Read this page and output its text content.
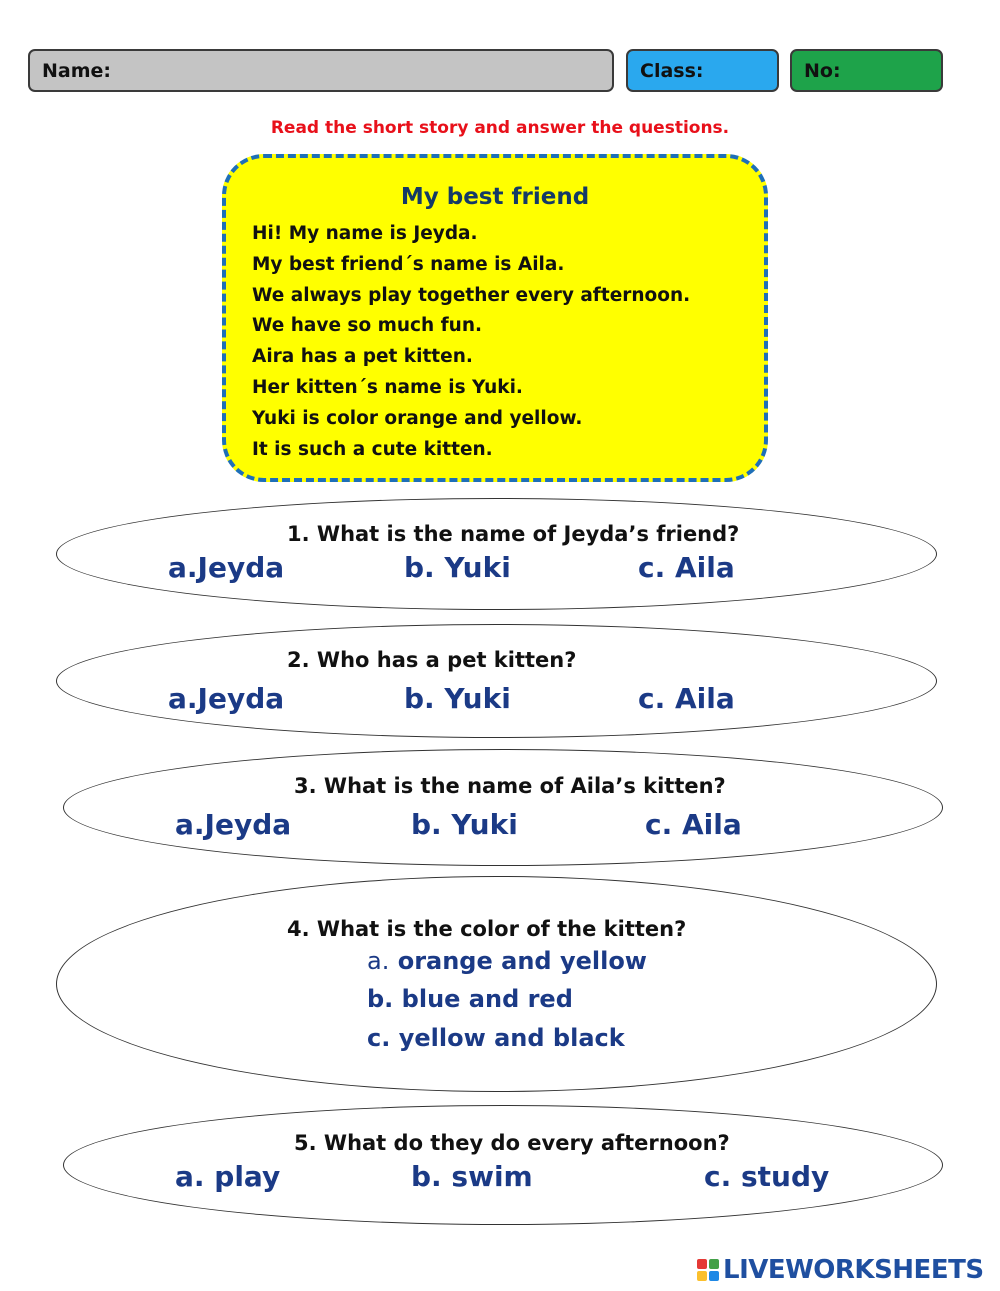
Name:	Class:	No:
Read the short story and answer the questions.
My best friend
Hi! My name is Jeyda.
My best friend´s name is Aila.
We always play together every afternoon.
We have so much fun.
Aira has a pet kitten.
Her kitten´s name is Yuki.
Yuki is color orange and yellow.
It is such a cute kitten.
1. What is the name of Jeyda’s friend?
a.Jeyda	b. Yuki	c. Aila
2. Who has a pet kitten?
a.Jeyda	b. Yuki	c. Aila
3. What is the name of Aila’s kitten?
a.Jeyda	b. Yuki	c. Aila
4. What is the color of the kitten?
a. orange and yellow
b. blue and red
c. yellow and black
5. What do they do every afternoon?
a. play	b. swim	c. study
LIVEWORKSHEETS
